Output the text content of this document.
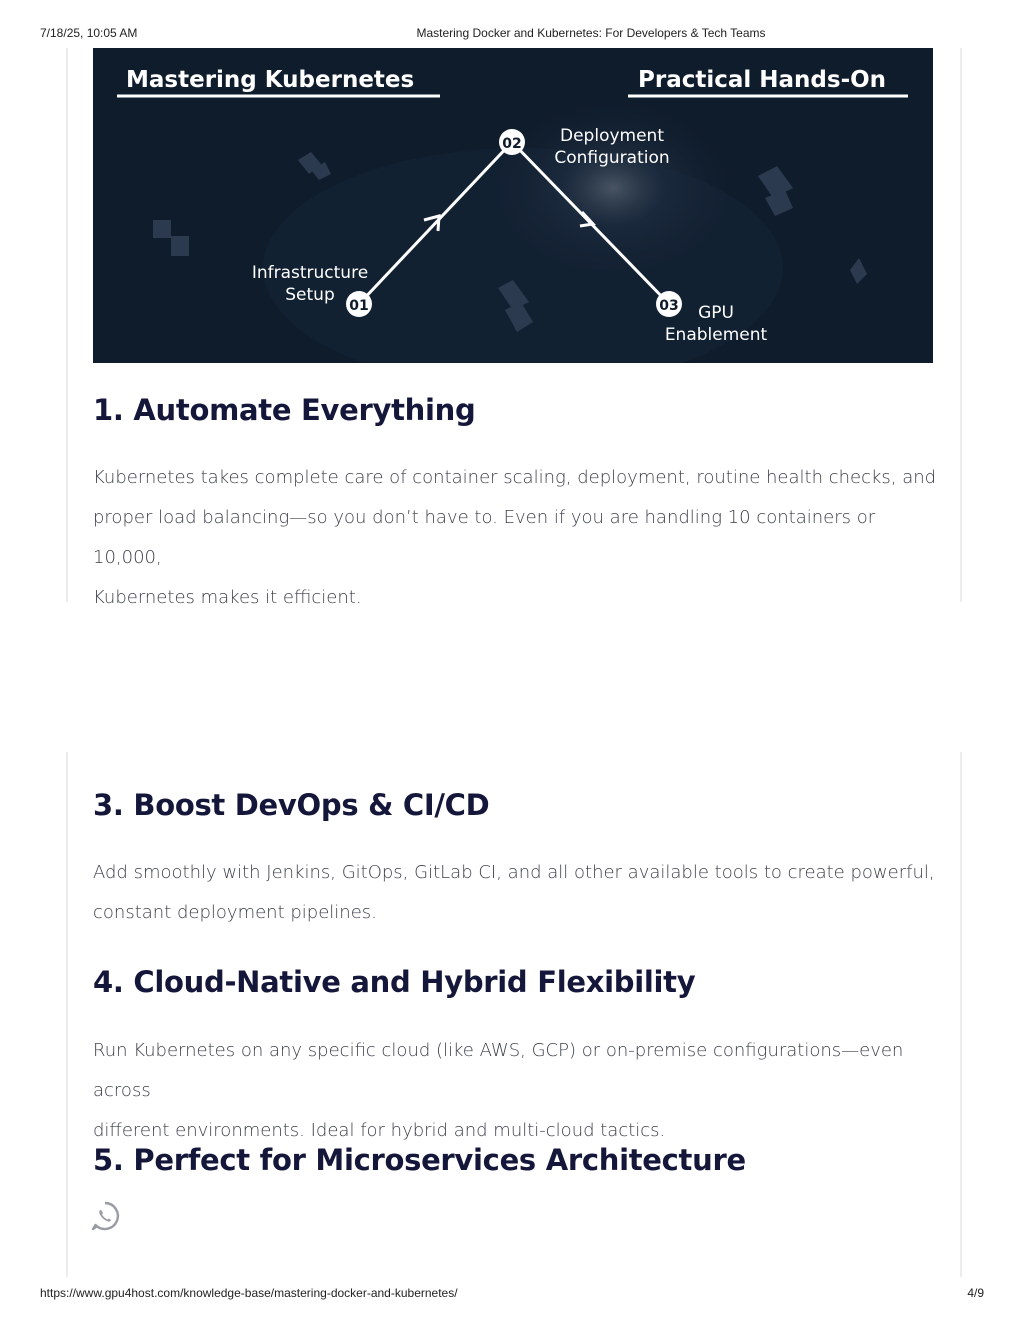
7/18/25, 10:05 AM	Mastering Docker and Kubernetes: For Developers & Tech Teams
Mastering Kubernetes	Practical Hands-On
01
02
03
Infrastructure
Setup
Deployment
Configuration
GPU
Enablement
1. Automate Everything

Kubernetes takes complete care of container scaling, deployment, routine health checks, and
proper load balancing—so you don’t have to. Even if you are handling 10 containers or 10,000,
Kubernetes makes it efficient.

3. Boost DevOps & CI/CD

Add smoothly with Jenkins, GitOps, GitLab CI, and all other available tools to create powerful,
constant deployment pipelines.

4. Cloud-Native and Hybrid Flexibility

Run Kubernetes on any specific cloud (like AWS, GCP) or on-premise configurations—even across
different environments. Ideal for hybrid and multi-cloud tactics.

5. Perfect for Microservices Architecture
https://www.gpu4host.com/knowledge-base/mastering-docker-and-kubernetes/	4/9
